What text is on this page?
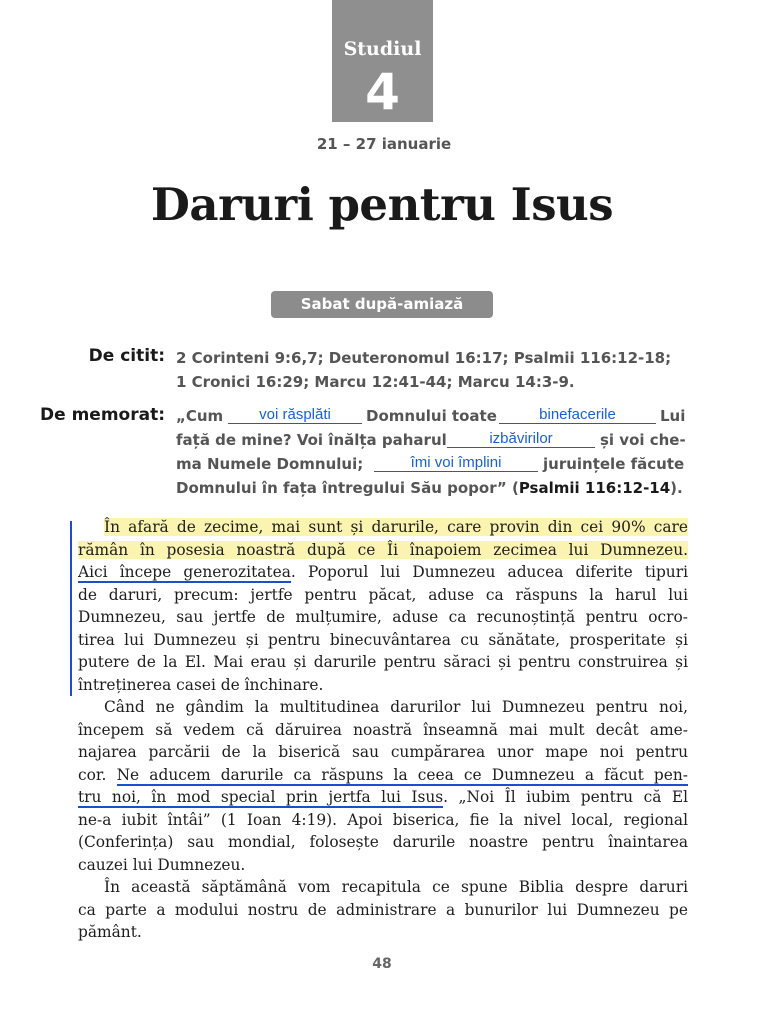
Studiul
4
21 – 27 ianuarie
Daruri pentru Isus
Sabat după-amiază
De citit: 2 Corinteni 9:6,7; Deuteronomul 16:17; Psalmii 116:12-18;
1 Cronici 16:29; Marcu 12:41-44; Marcu 14:3-9.
De memorat: „Cum	voi răsplăti	Domnului toate	binefacerile	Lui
față de mine? Voi înălța paharul	izbăvirilor	și voi che-
ma Numele Domnului;	îmi voi împlini	juruințele făcute
Domnului în fața întregului Său popor” (Psalmii 116:12-14).
În afară de zecime, mai sunt și darurile, care provin din cei 90% care
rămân în posesia noastră după ce Îi înapoiem zecimea lui Dumnezeu.
Aici începe generozitatea. Poporul lui Dumnezeu aducea diferite tipuri
de daruri, precum: jertfe pentru păcat, aduse ca răspuns la harul lui
Dumnezeu, sau jertfe de mulțumire, aduse ca recunoștință pentru ocro-
tirea lui Dumnezeu și pentru binecuvântarea cu sănătate, prosperitate și
putere de la El. Mai erau și darurile pentru săraci și pentru construirea și
întreținerea casei de închinare.
Când ne gândim la multitudinea darurilor lui Dumnezeu pentru noi,
începem să vedem că dăruirea noastră înseamnă mai mult decât ame-
najarea parcării de la biserică sau cumpărarea unor mape noi pentru
cor. Ne aducem darurile ca răspuns la ceea ce Dumnezeu a făcut pen-
tru noi, în mod special prin jertfa lui Isus. „Noi Îl iubim pentru că El
ne-a iubit întâi” (1 Ioan 4:19). Apoi biserica, fie la nivel local, regional
(Conferința) sau mondial, folosește darurile noastre pentru înaintarea
cauzei lui Dumnezeu.
În această săptămână vom recapitula ce spune Biblia despre daruri
ca parte a modului nostru de administrare a bunurilor lui Dumnezeu pe
pământ.
48
